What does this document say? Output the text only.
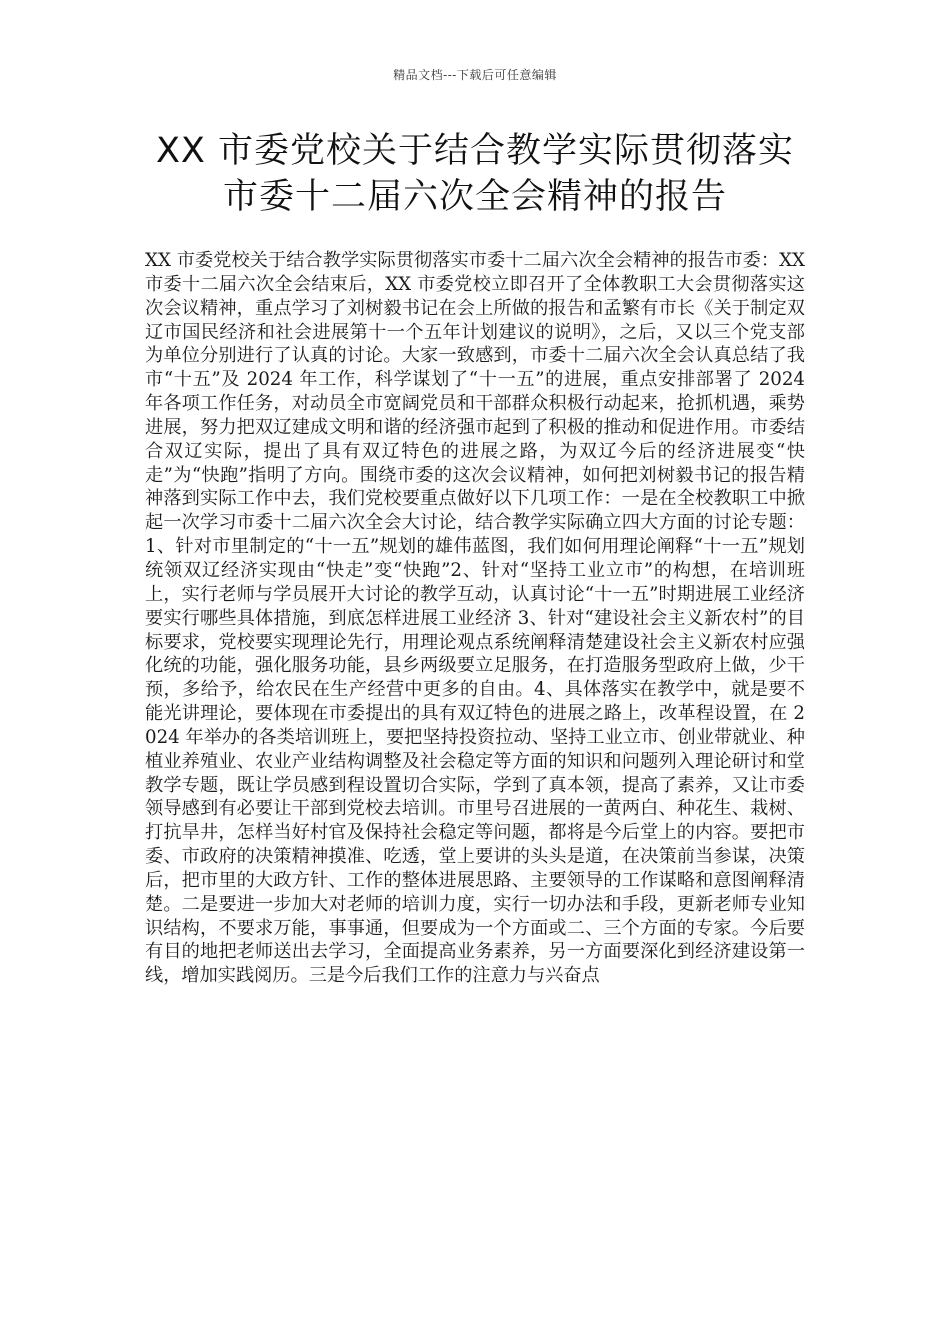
精品文档---下载后可任意编辑
XX 市委党校关于结合教学实际贯彻落实
市委十二届六次全会精神的报告

XX 市委党校关于结合教学实际贯彻落实市委十二届六次全会精神的报告市委：XX 市委十二届六次全会结束后，XX 市委党校立即召开了全体教职工大会贯彻落实这次会议精神，重点学习了刘树毅书记在会上所做的报告和孟繁有市长《关于制定双辽市国民经济和社会进展第十一个五年计划建议的说明》，之后，又以三个党支部为单位分别进行了认真的讨论。大家一致感到，市委十二届六次全会认真总结了我市“十五”及 2024 年工作，科学谋划了“十一五”的进展，重点安排部署了 2024 年各项工作任务，对动员全市宽阔党员和干部群众积极行动起来，抢抓机遇，乘势进展，努力把双辽建成文明和谐的经济强市起到了积极的推动和促进作用。市委结合双辽实际，提出了具有双辽特色的进展之路，为双辽今后的经济进展变“快走”为“快跑”指明了方向。围绕市委的这次会议精神，如何把刘树毅书记的报告精神落到实际工作中去，我们党校要重点做好以下几项工作：一是在全校教职工中掀起一次学习市委十二届六次全会大讨论，结合教学实际确立四大方面的讨论专题：1、针对市里制定的“十一五”规划的雄伟蓝图，我们如何用理论阐释“十一五”规划统领双辽经济实现由“快走”变“快跑”2、针对“坚持工业立市”的构想，在培训班上，实行老师与学员展开大讨论的教学互动，认真讨论“十一五”时期进展工业经济要实行哪些具体措施，到底怎样进展工业经济 3、针对“建设社会主义新农村”的目标要求，党校要实现理论先行，用理论观点系统阐释清楚建设社会主义新农村应强化统的功能，强化服务功能，县乡两级要立足服务，在打造服务型政府上做，少干预，多给予，给农民在生产经营中更多的自由。4、具体落实在教学中，就是要不能光讲理论，要体现在市委提出的具有双辽特色的进展之路上，改革程设置，在 2024 年举办的各类培训班上，要把坚持投资拉动、坚持工业立市、创业带就业、种植业养殖业、农业产业结构调整及社会稳定等方面的知识和问题列入理论研讨和堂教学专题，既让学员感到程设置切合实际，学到了真本领，提高了素养，又让市委领导感到有必要让干部到党校去培训。市里号召进展的一黄两白、种花生、栽树、打抗旱井，怎样当好村官及保持社会稳定等问题，都将是今后堂上的内容。要把市委、市政府的决策精神摸准、吃透，堂上要讲的头头是道，在决策前当参谋，决策后，把市里的大政方针、工作的整体进展思路、主要领导的工作谋略和意图阐释清楚。二是要进一步加大对老师的培训力度，实行一切办法和手段，更新老师专业知识结构，不要求万能，事事通，但要成为一个方面或二、三个方面的专家。今后要有目的地把老师送出去学习，全面提高业务素养，另一方面要深化到经济建设第一线，增加实践阅历。三是今后我们工作的注意力与兴奋点
